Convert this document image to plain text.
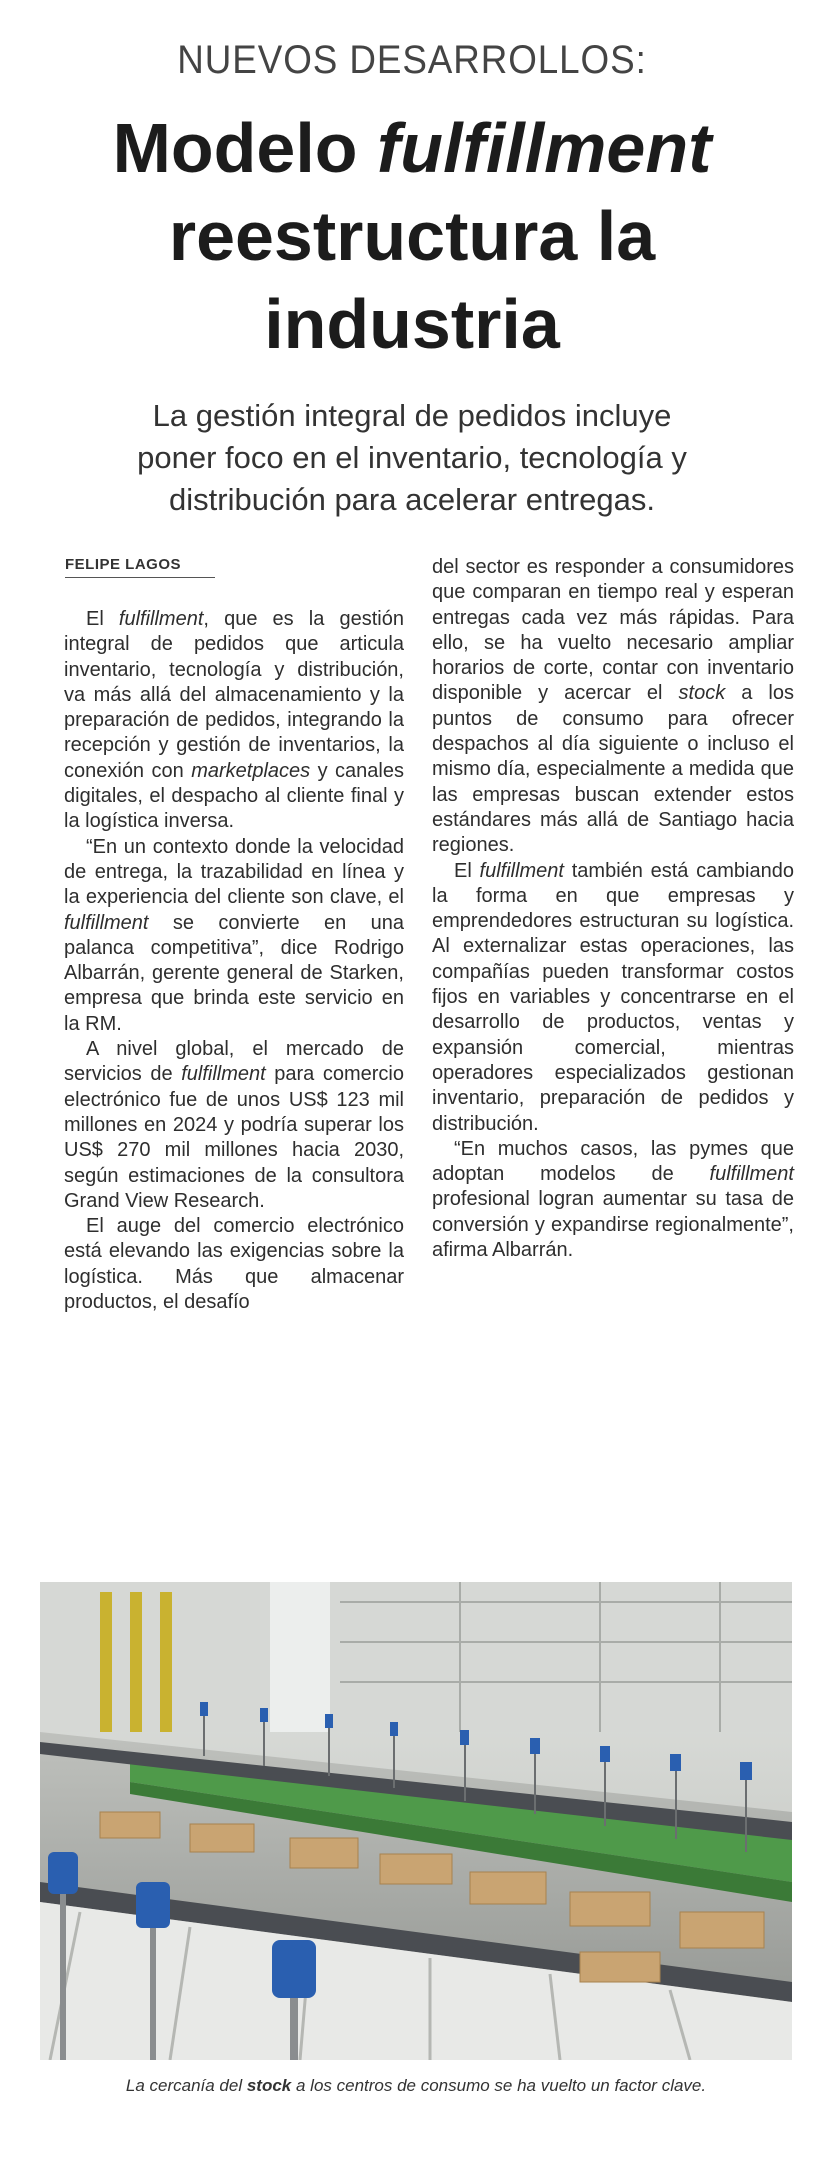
NUEVOS DESARROLLOS:
Modelo fulfillment
reestructura la
industria
La gestión integral de pedidos incluye
poner foco en el inventario, tecnología y
distribución para acelerar entregas.
FELIPE LAGOS

El fulfillment, que es la gestión integral de pedidos que articula inventario, tecnología y distribución, va más allá del almacenamiento y la preparación de pedidos, integrando la recepción y gestión de inventarios, la conexión con marketplaces y canales digitales, el despacho al cliente final y la logística inversa.

“En un contexto donde la velocidad de entrega, la trazabilidad en línea y la experiencia del cliente son clave, el fulfillment se convierte en una palanca competitiva”, dice Rodrigo Albarrán, gerente general de Starken, empresa que brinda este servicio en la RM.

A nivel global, el mercado de servicios de fulfillment para comercio electrónico fue de unos US$ 123 mil millones en 2024 y podría superar los US$ 270 mil millones hacia 2030, según estimaciones de la consultora Grand View Research.

El auge del comercio electrónico está elevando las exigencias sobre la logística. Más que almacenar productos, el desafío

del sector es responder a consumidores que comparan en tiempo real y esperan entregas cada vez más rápidas. Para ello, se ha vuelto necesario ampliar horarios de corte, contar con inventario disponible y acercar el stock a los puntos de consumo para ofrecer despachos al día siguiente o incluso el mismo día, especialmente a medida que las empresas buscan extender estos estándares más allá de Santiago hacia regiones.

El fulfillment también está cambiando la forma en que empresas y emprendedores estructuran su logística. Al externalizar estas operaciones, las compañías pueden transformar costos fijos en variables y concentrarse en el desarrollo de productos, ventas y expansión comercial, mientras operadores especializados gestionan inventario, preparación de pedidos y distribución.

“En muchos casos, las pymes que adoptan modelos de fulfillment profesional logran aumentar su tasa de conversión y expandirse regionalmente”, afirma Albarrán.

La cercanía del stock a los centros de consumo se ha vuelto un factor clave.
